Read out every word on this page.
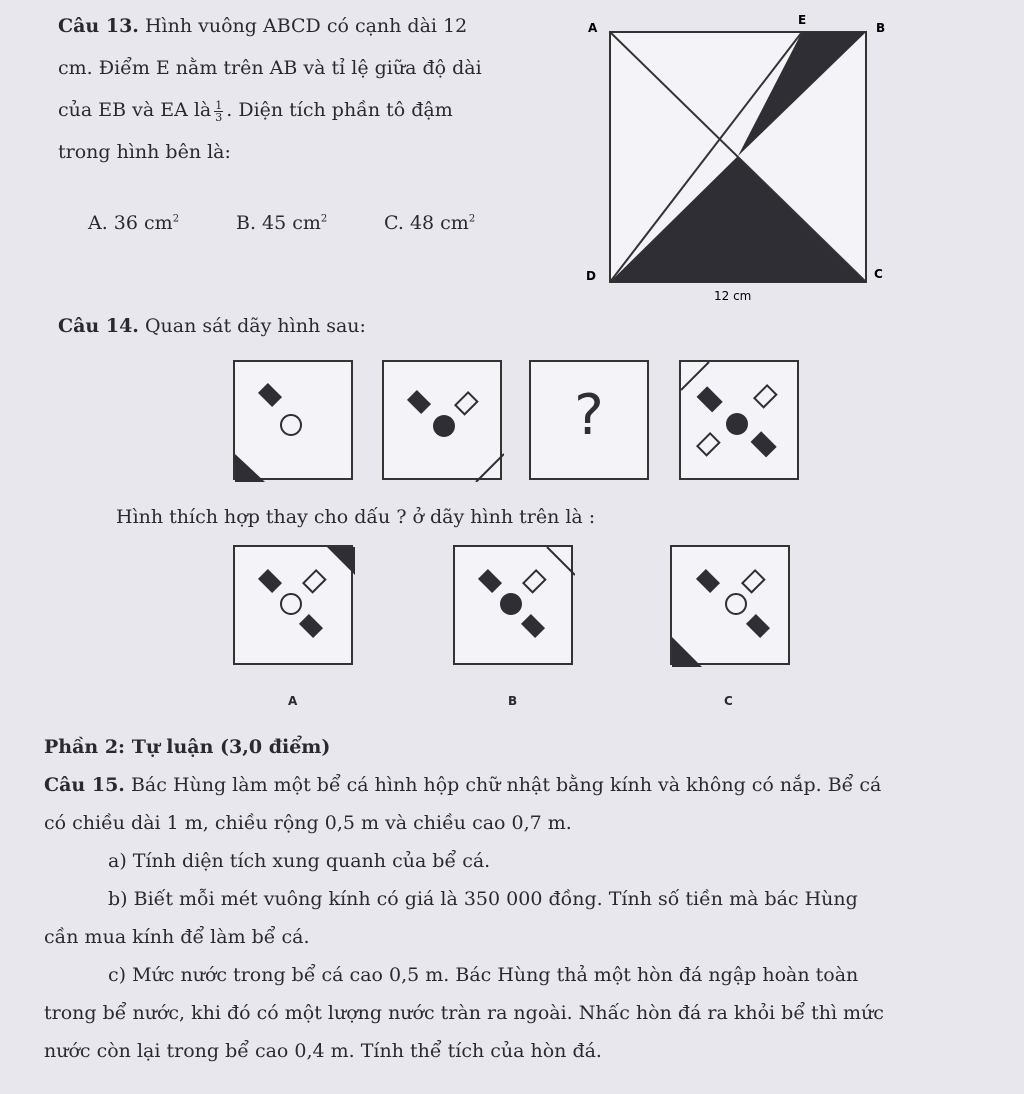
Câu 13. Hình vuông ABCD có cạnh dài 12
cm. Điểm E nằm trên AB và tỉ lệ giữa độ dài
của EB và EA là $\frac{1}{3}$ . Diện tích phần tô đậm
trong hình bên là:
A. 36 $cm^2$	B. 45 $cm^2$	C. 48 $cm^2$
A
E
B
D	C
12 cm
Câu 14. Quan sát dãy hình sau:
?
Hình thích hợp thay cho dấu ? ở dãy hình trên là :
A	B	C
Phần 2: Tự luận (3,0 điểm)
Câu 15. Bác Hùng làm một bể cá hình hộp chữ nhật bằng kính và không có nắp. Bể cá
có chiều dài 1 m, chiều rộng 0,5 m và chiều cao 0,7 m.
a) Tính diện tích xung quanh của bể cá.
b) Biết mỗi mét vuông kính có giá là 350 000 đồng. Tính số tiền mà bác Hùng
cần mua kính để làm bể cá.
c) Mức nước trong bể cá cao 0,5 m. Bác Hùng thả một hòn đá ngập hoàn toàn
trong bể nước, khi đó có một lượng nước tràn ra ngoài. Nhấc hòn đá ra khỏi bể thì mức
nước còn lại trong bể cao 0,4 m. Tính thể tích của hòn đá.
